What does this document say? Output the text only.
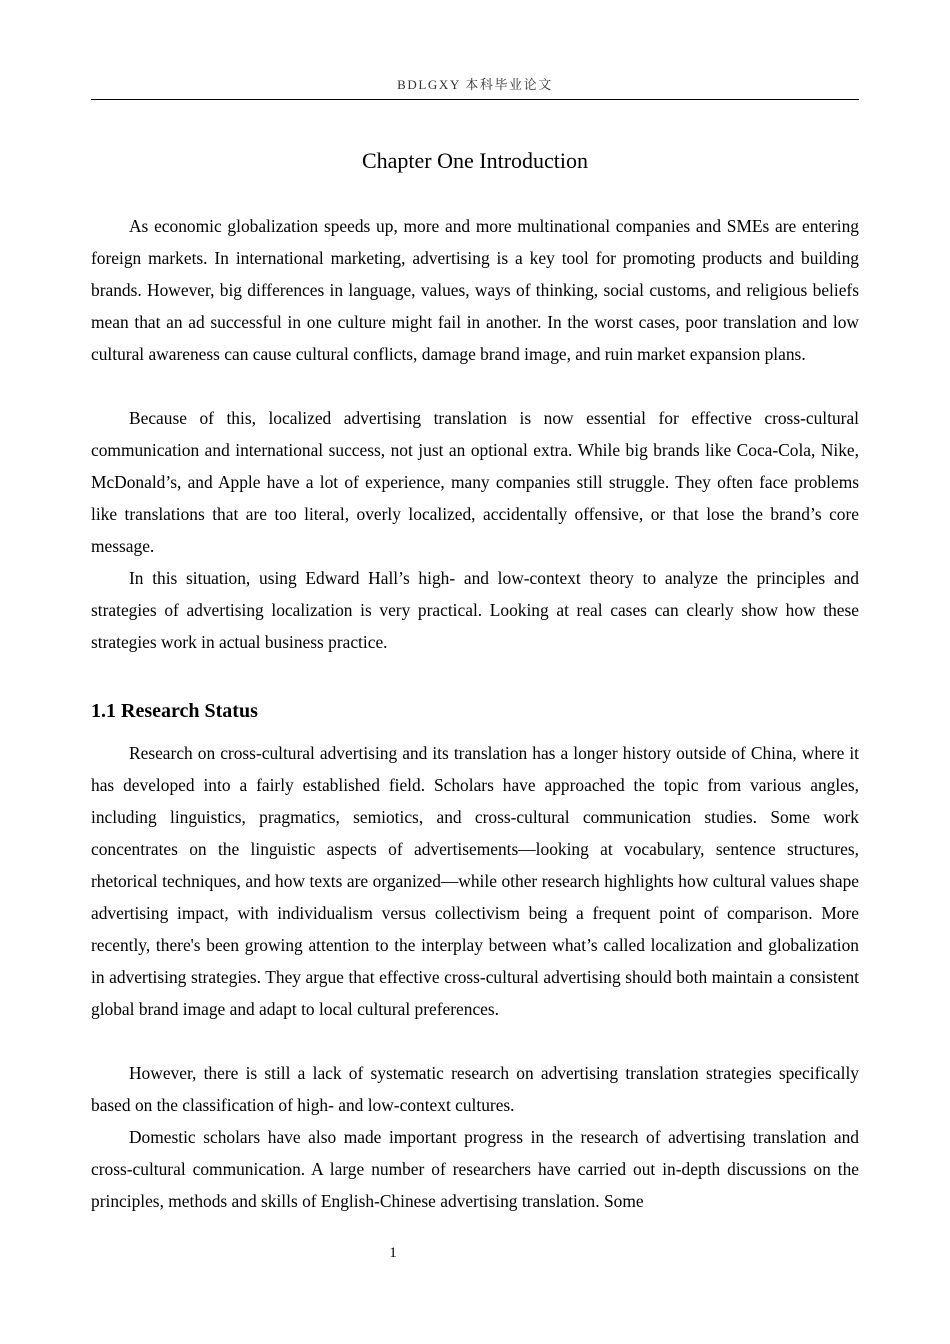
BDLGXY 本科毕业论文
Chapter One Introduction

As economic globalization speeds up, more and more multinational companies and SMEs are entering foreign markets. In international marketing, advertising is a key tool for promoting products and building brands. However, big differences in language, values, ways of thinking, social customs, and religious beliefs mean that an ad successful in one culture might fail in another. In the worst cases, poor translation and low cultural awareness can cause cultural conflicts, damage brand image, and ruin market expansion plans.

Because of this, localized advertising translation is now essential for effective cross-cultural communication and international success, not just an optional extra. While big brands like Coca-Cola, Nike, McDonald’s, and Apple have a lot of experience, many companies still struggle. They often face problems like translations that are too literal, overly localized, accidentally offensive, or that lose the brand’s core message.

In this situation, using Edward Hall’s high- and low-context theory to analyze the principles and strategies of advertising localization is very practical. Looking at real cases can clearly show how these strategies work in actual business practice.

1.1 Research Status

Research on cross-cultural advertising and its translation has a longer history outside of China, where it has developed into a fairly established field. Scholars have approached the topic from various angles, including linguistics, pragmatics, semiotics, and cross-cultural communication studies. Some work concentrates on the linguistic aspects of advertisements—looking at vocabulary, sentence structures, rhetorical techniques, and how texts are organized—while other research highlights how cultural values shape advertising impact, with individualism versus collectivism being a frequent point of comparison. More recently, there's been growing attention to the interplay between what’s called localization and globalization in advertising strategies. They argue that effective cross-cultural advertising should both maintain a consistent global brand image and adapt to local cultural preferences.

However, there is still a lack of systematic research on advertising translation strategies specifically based on the classification of high- and low-context cultures.

Domestic scholars have also made important progress in the research of advertising translation and cross-cultural communication. A large number of researchers have carried out in-depth discussions on the principles, methods and skills of English-Chinese advertising translation. Some

1
